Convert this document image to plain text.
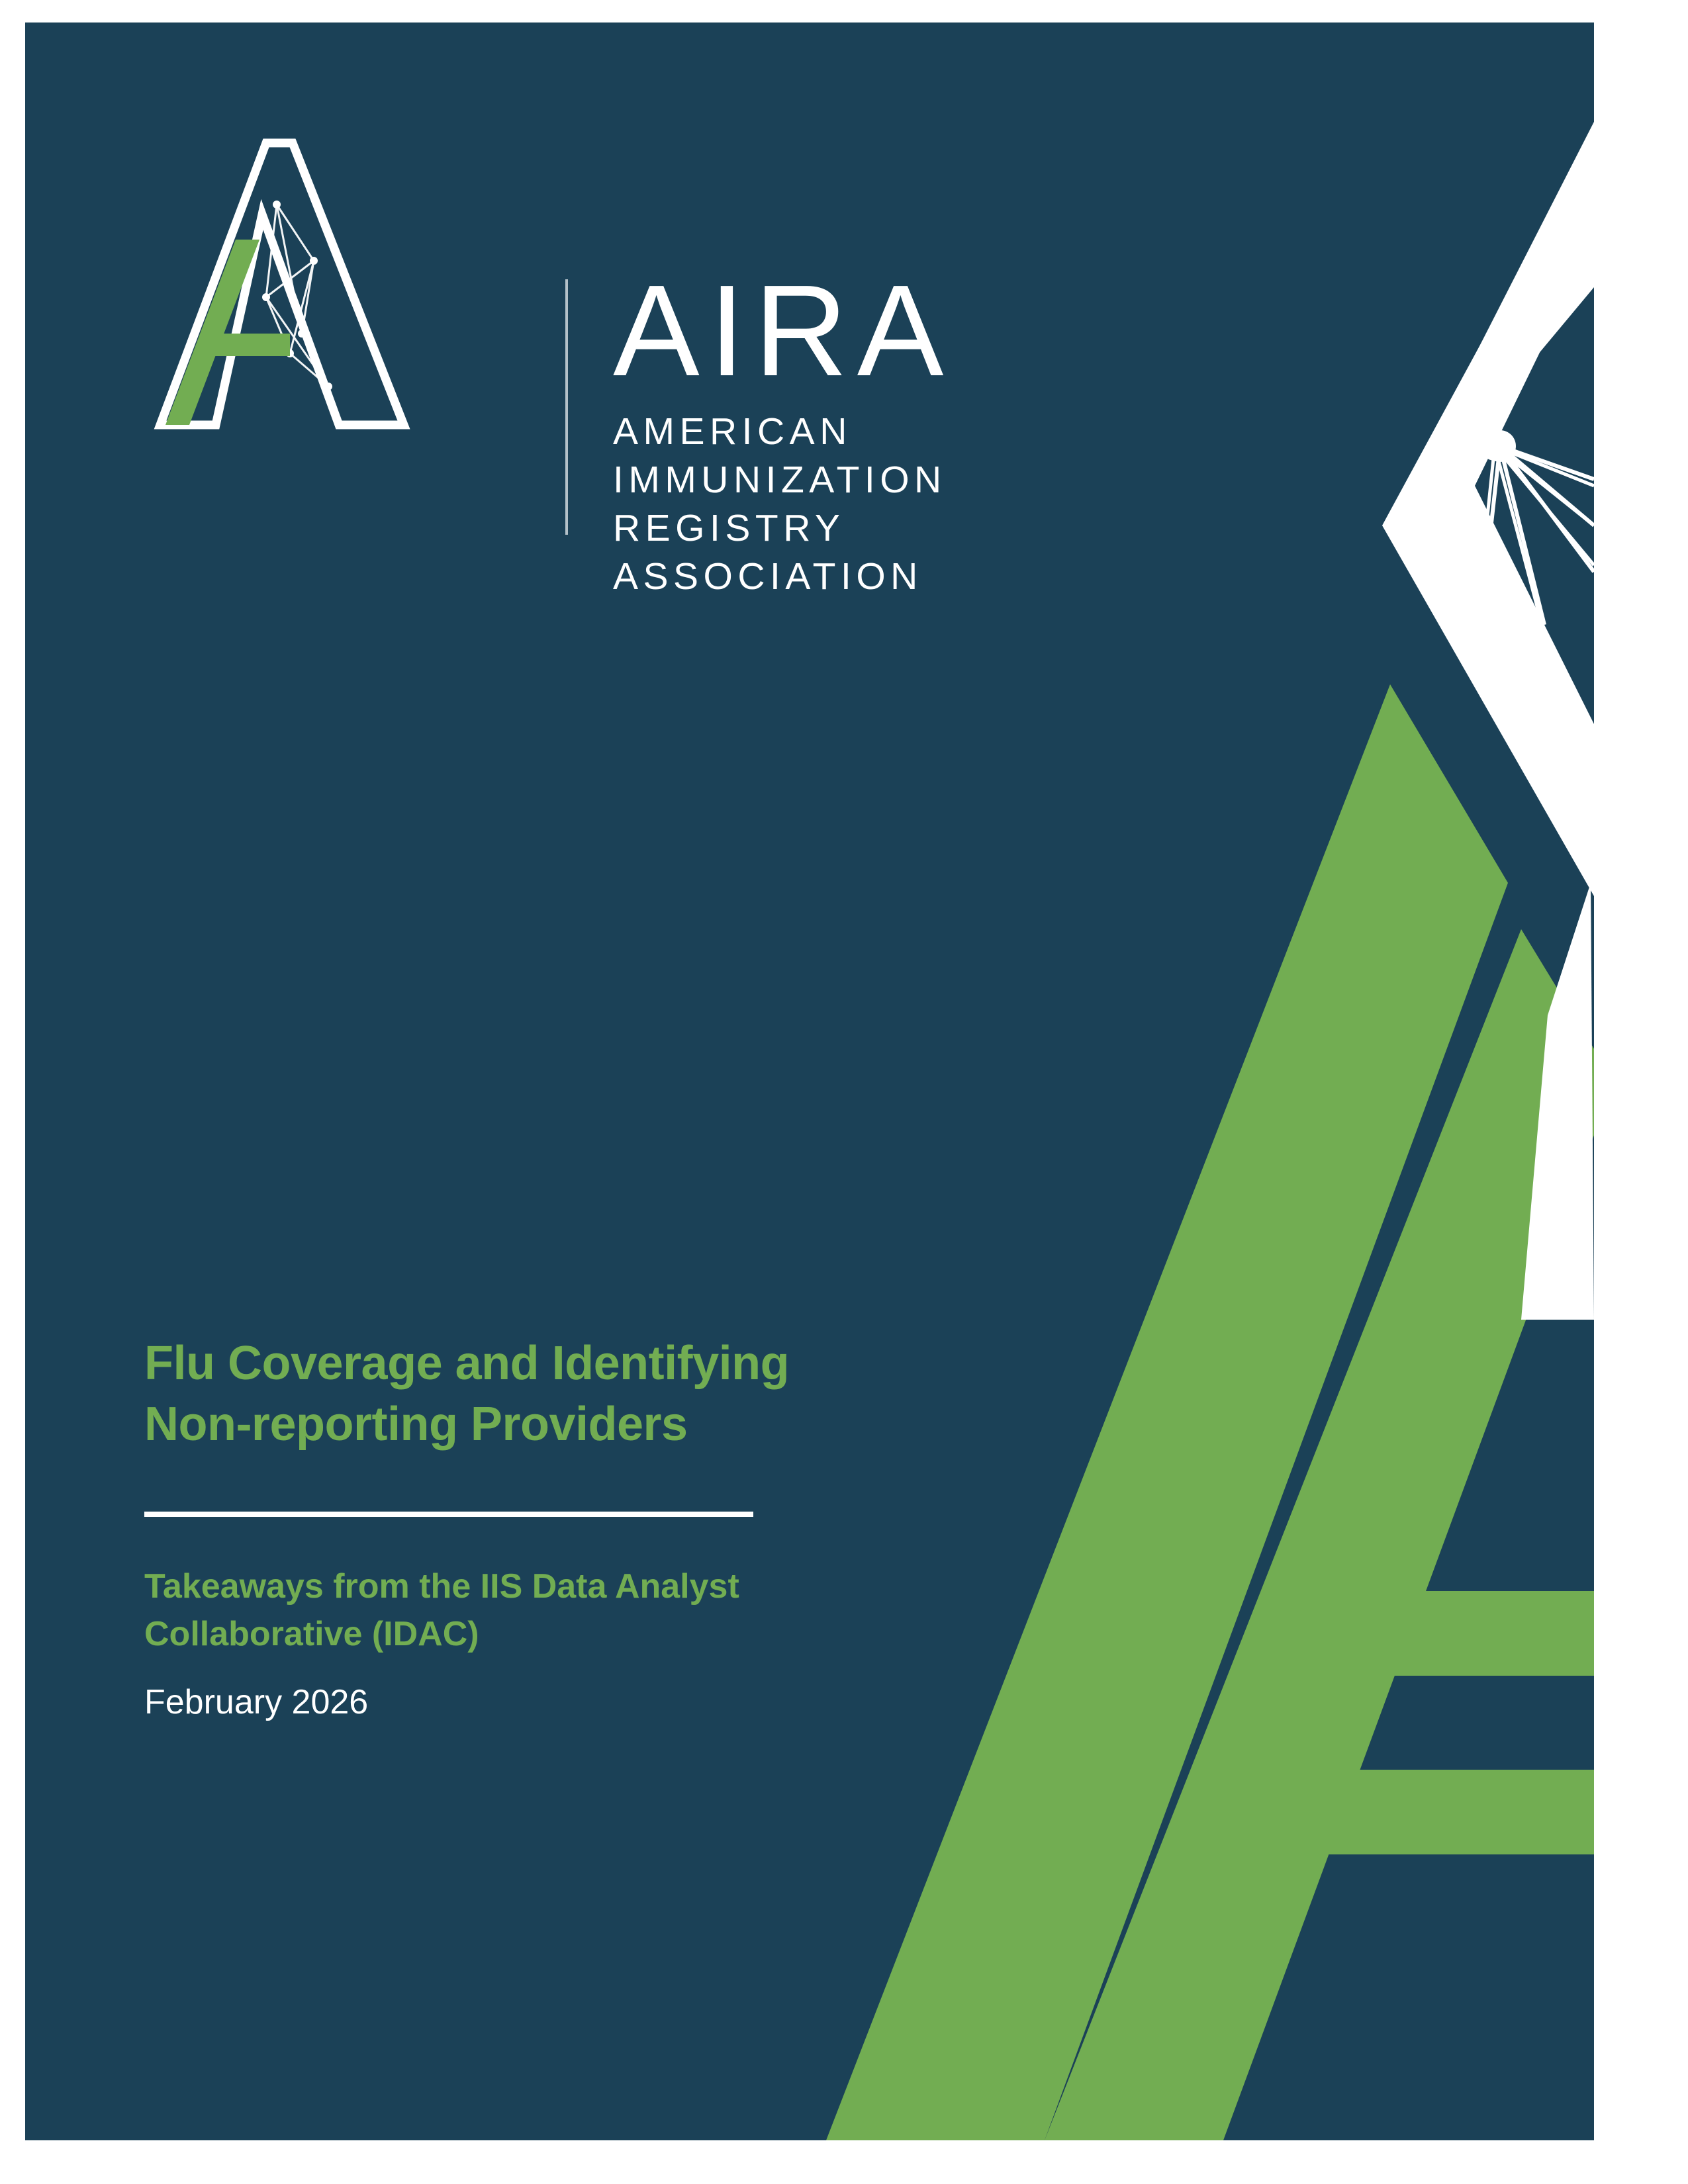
AIRA
AMERICAN IMMUNIZATION
REGISTRY ASSOCIATION
Flu Coverage and Identifying
Non-reporting Providers

Takeaways from the IIS Data Analyst
Collaborative (IDAC)

February 2026
